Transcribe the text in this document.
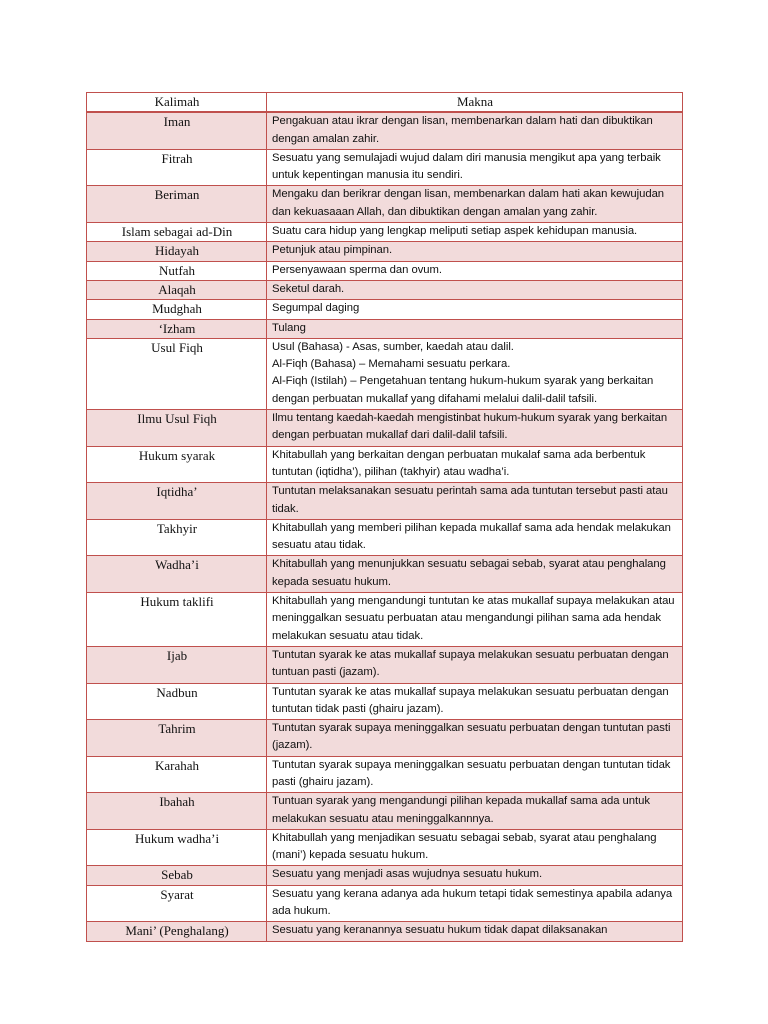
Kalimah	Makna
Iman	Pengakuan atau ikrar dengan lisan, membenarkan dalam hati dan dibuktikan dengan amalan zahir.
Fitrah	Sesuatu yang semulajadi wujud dalam diri manusia mengikut apa yang terbaik untuk kepentingan manusia itu sendiri.
Beriman	Mengaku dan berikrar dengan lisan, membenarkan dalam hati akan kewujudan dan kekuasaaan Allah, dan dibuktikan dengan amalan yang zahir.
Islam sebagai ad-Din	Suatu cara hidup yang lengkap meliputi setiap aspek kehidupan manusia.
Hidayah	Petunjuk atau pimpinan.
Nutfah	Persenyawaan sperma dan ovum.
Alaqah	Seketul darah.
Mudghah	Segumpal daging
‘Izham	Tulang
Usul Fiqh	Usul (Bahasa) - Asas, sumber, kaedah atau dalil.
Al-Fiqh (Bahasa) – Memahami sesuatu perkara.
Al-Fiqh (Istilah) – Pengetahuan tentang hukum-hukum syarak yang berkaitan dengan perbuatan mukallaf yang difahami melalui dalil-dalil tafsili.
Ilmu Usul Fiqh	Ilmu tentang kaedah-kaedah mengistinbat hukum-hukum syarak yang berkaitan dengan perbuatan mukallaf dari dalil-dalil tafsili.
Hukum syarak	Khitabullah yang berkaitan dengan perbuatan mukalaf sama ada berbentuk tuntutan (iqtidha’), pilihan (takhyir) atau wadha’i.
Iqtidha’	Tuntutan melaksanakan sesuatu perintah sama ada tuntutan tersebut pasti atau tidak.
Takhyir	Khitabullah yang memberi pilihan kepada mukallaf sama ada hendak melakukan sesuatu atau tidak.
Wadha’i	Khitabullah yang menunjukkan sesuatu sebagai sebab, syarat atau penghalang kepada sesuatu hukum.
Hukum taklifi	Khitabullah yang mengandungi tuntutan ke atas mukallaf supaya melakukan atau meninggalkan sesuatu perbuatan atau mengandungi pilihan sama ada hendak melakukan sesuatu atau tidak.
Ijab	Tuntutan syarak ke atas mukallaf supaya melakukan sesuatu perbuatan dengan tuntuan pasti (jazam).
Nadbun	Tuntutan syarak ke atas mukallaf supaya melakukan sesuatu perbuatan dengan tuntutan tidak pasti (ghairu jazam).
Tahrim	Tuntutan syarak supaya meninggalkan sesuatu perbuatan dengan tuntutan pasti (jazam).
Karahah	Tuntutan syarak supaya meninggalkan sesuatu perbuatan dengan tuntutan tidak pasti (ghairu jazam).
Ibahah	Tuntuan syarak yang mengandungi pilihan kepada mukallaf sama ada untuk melakukan sesuatu atau meninggalkannnya.
Hukum wadha’i	Khitabullah yang menjadikan sesuatu sebagai sebab, syarat atau penghalang (mani’) kepada sesuatu hukum.
Sebab	Sesuatu yang menjadi asas wujudnya sesuatu hukum.
Syarat	Sesuatu yang kerana adanya ada hukum tetapi tidak semestinya apabila adanya ada hukum.
Mani’ (Penghalang)	Sesuatu yang keranannya sesuatu hukum tidak dapat dilaksanakan
